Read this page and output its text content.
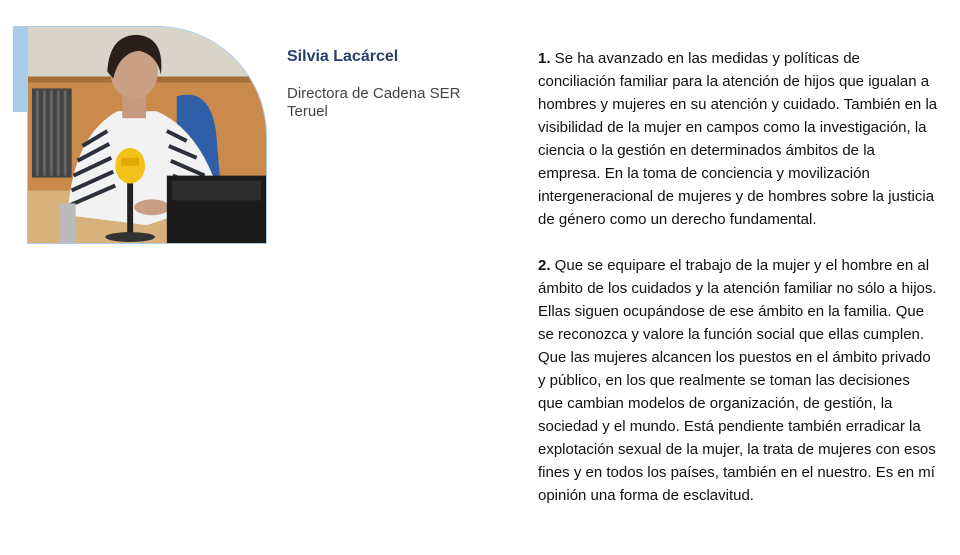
Silvia Lacárcel
Directora de Cadena SER Teruel

1. Se ha avanzado en las medidas y políticas de conciliación familiar para la atención de hijos que igualan a hombres y mujeres en su atención y cuidado. También en la visibilidad de la mujer en campos como la investigación, la ciencia o la gestión en determinados ámbitos de la empresa. En la toma de conciencia y movilización intergeneracional de mujeres y de hombres sobre la justicia de género como un derecho fundamental.

2. Que se equipare el trabajo de la mujer y el hombre en al ámbito de los cuidados y la atención familiar no sólo a hijos. Ellas siguen ocupándose de ese ámbito en la familia. Que se reconozca y valore la función social que ellas cumplen. Que las mujeres alcancen los puestos en el ámbito privado y público, en los que realmente se toman las decisiones que cambian modelos de organización, de gestión, la sociedad y el mundo. Está pendiente también erradicar la explotación sexual de la mujer, la trata de mujeres con esos fines y en todos los países, también en el nuestro. Es en mí opinión una forma de esclavitud.
